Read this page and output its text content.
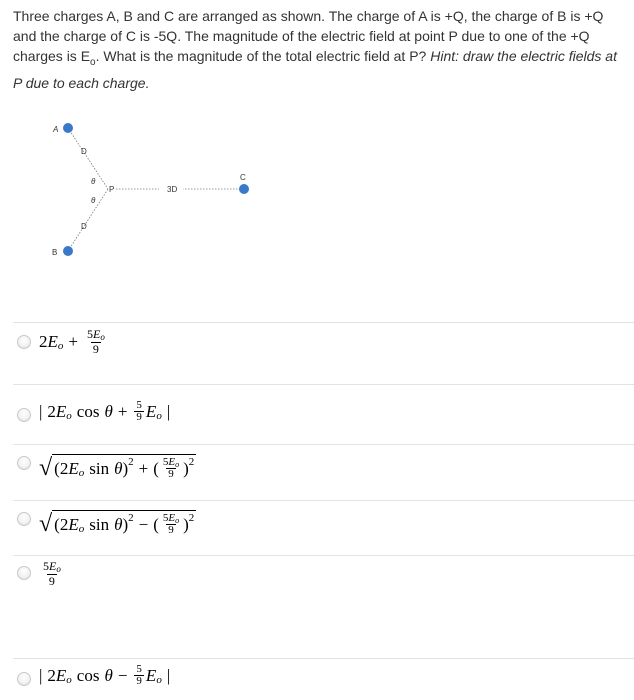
Three charges A, B and C are arranged as shown. The charge of A is +Q, the charge of B is +Q and the charge of C is -5Q. The magnitude of the electric field at point P due to one of the +Q charges is $E_o$. What is the magnitude of the total electric field at P? Hint: draw the electric fields at P due to each charge.
A
B
C
P
D
D
3D
θ
θ
2 E $o + \frac{5Eo}{9}$
| 2 E o $\cos \theta + \frac{5}{9}$ E o |
√ ( 2 E o sin θ ) 2 + ( $\frac{5Eo}{9}$ ) 2
√ ( 2 E o sin θ ) 2 − ( $\frac{5Eo}{9}$ ) 2
$\frac{5Eo}{9}$
| 2 E o $\cos \theta - \frac{5}{9}$ E o |
